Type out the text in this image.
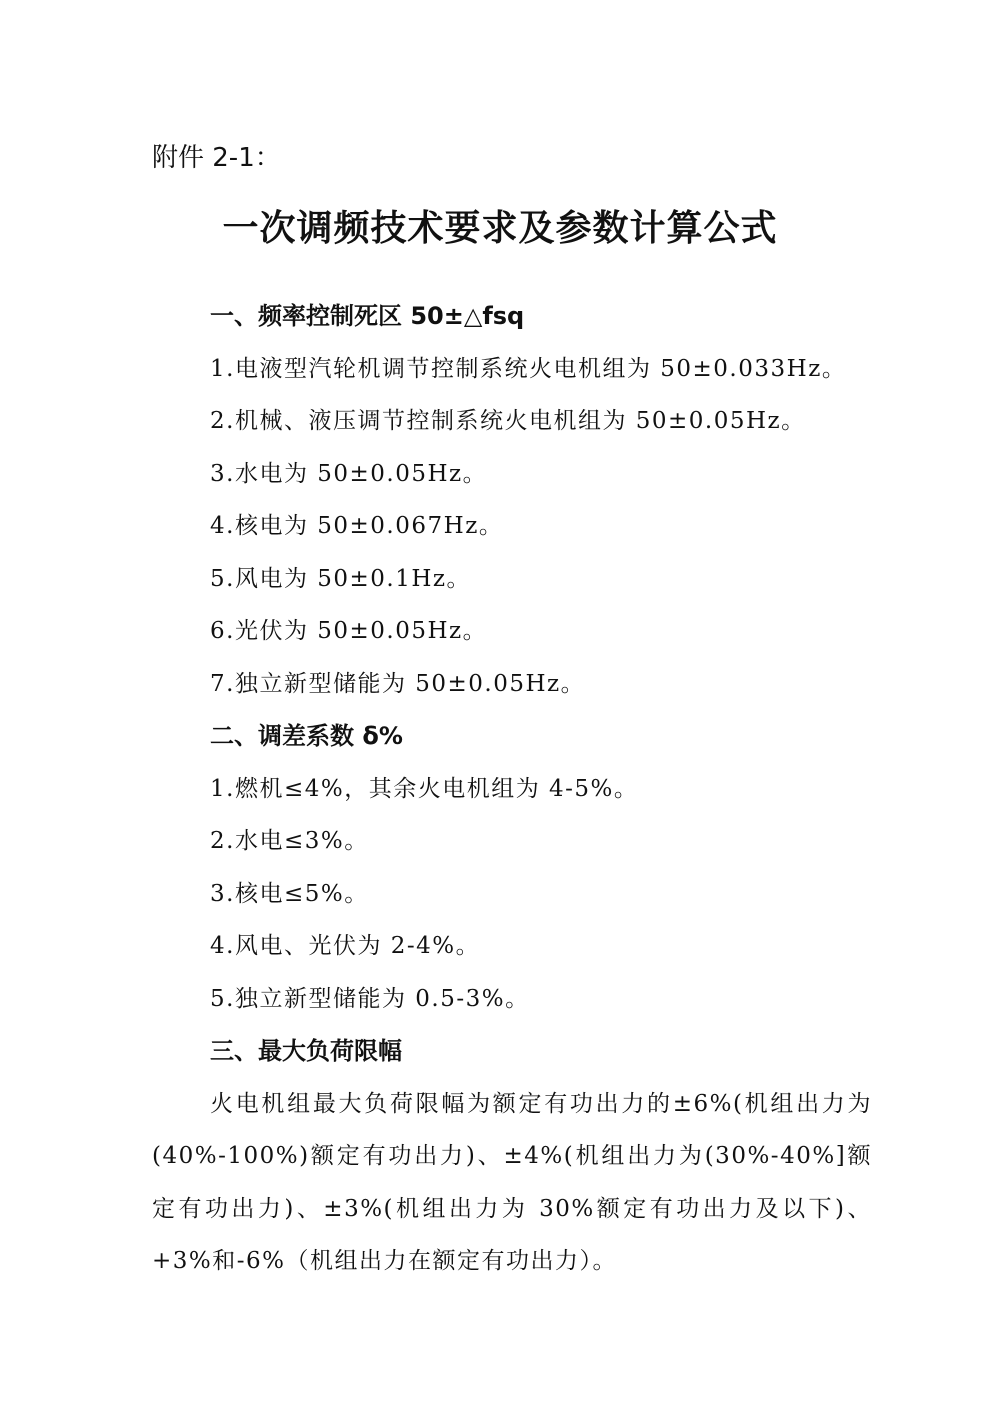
附件 2-1：

一次调频技术要求及参数计算公式

一、频率控制死区 50±△fsq

1.电液型汽轮机调节控制系统火电机组为 50±0.033Hz。

2.机械、液压调节控制系统火电机组为 50±0.05Hz。

3.水电为 50±0.05Hz。

4.核电为 50±0.067Hz。

5.风电为 50±0.1Hz。

6.光伏为 50±0.05Hz。

7.独立新型储能为 50±0.05Hz。

二、调差系数 δ%

1.燃机≤4%，其余火电机组为 4-5%。

2.水电≤3%。

3.核电≤5%。

4.风电、光伏为 2-4%。

5.独立新型储能为 0.5-3%。

三、最大负荷限幅

火电机组最大负荷限幅为额定有功出力的±6%(机组出力为(40%-100%)额定有功出力)、±4%(机组出力为(30%-40%]额定有功出力)、±3%(机组出力为 30%额定有功出力及以下)、+3%和-6%（机组出力在额定有功出力）。
